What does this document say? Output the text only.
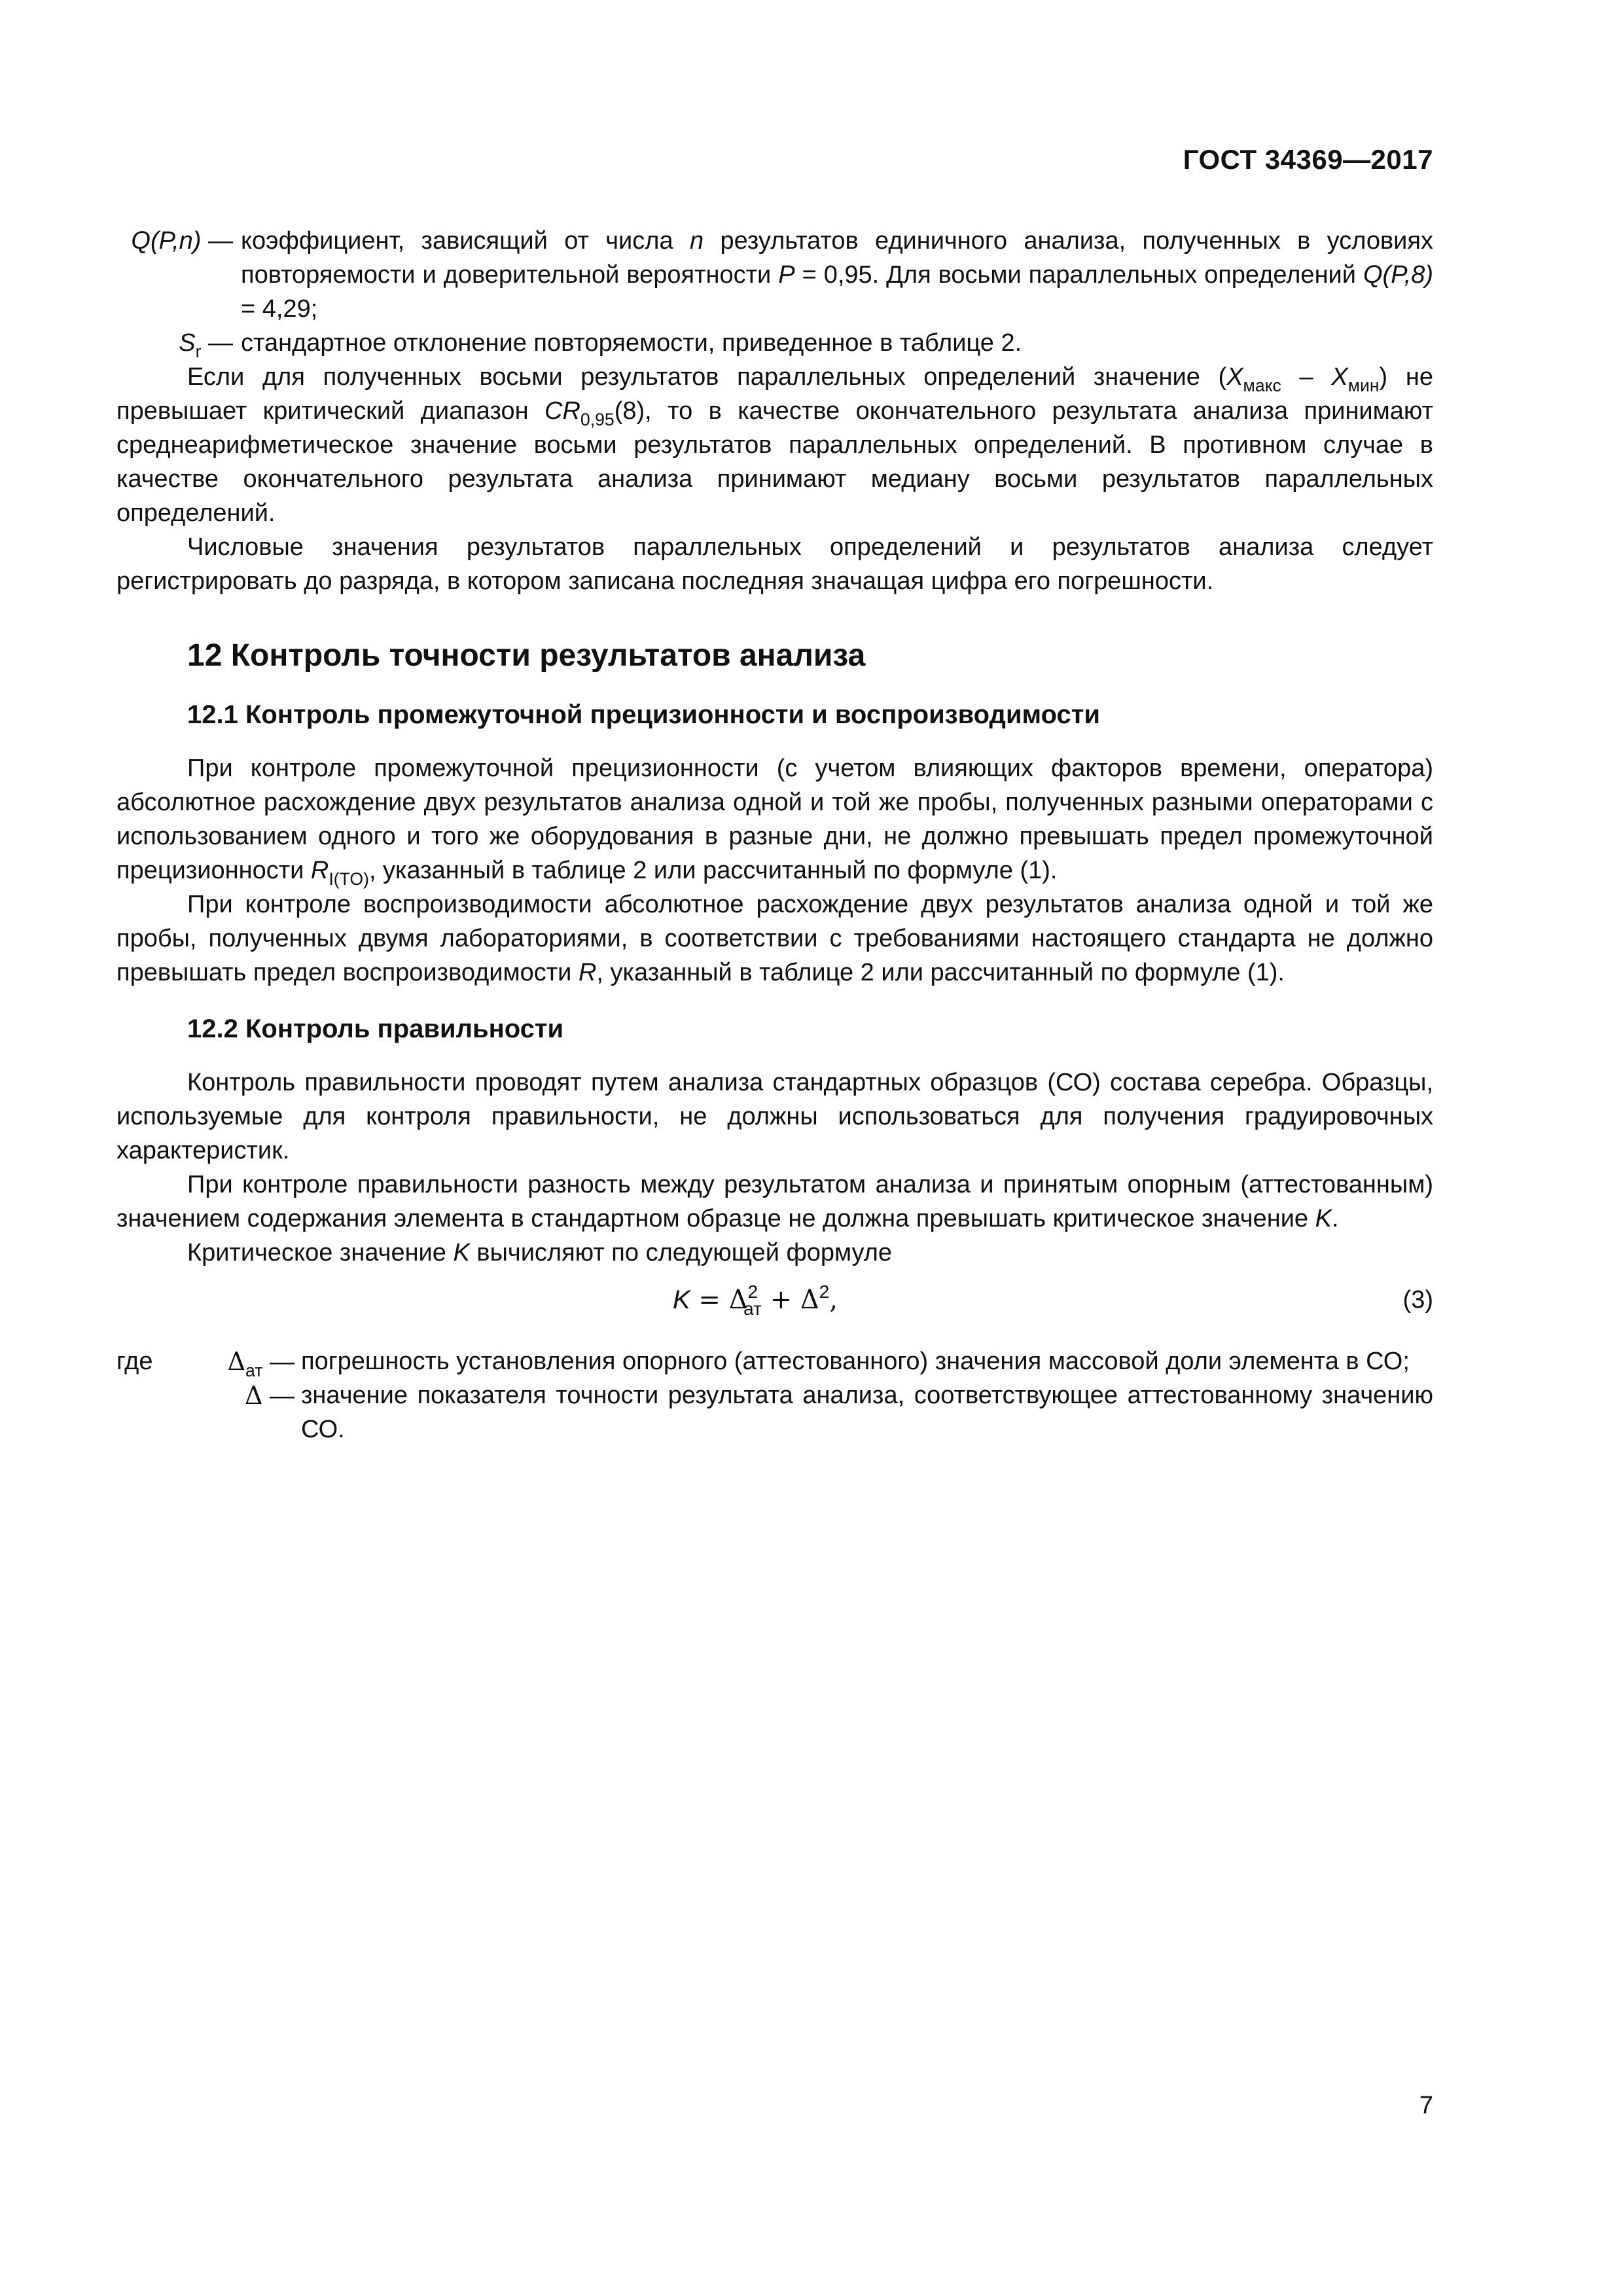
ГОСТ 34369—2017

Q(P,n) — коэффициент, зависящий от числа n результатов единичного анализа, полученных в условиях повторяемости и доверительной вероятности P = 0,95. Для восьми параллельных определений Q(P,8) = 4,29;

$S_r$ — стандартное отклонение повторяемости, приведенное в таблице 2.

Если для полученных восьми результатов параллельных определений значение $(X_{макс} - X_{мин})$ не превышает критический диапазон $CR_{0,95}(8)$, то в качестве окончательного результата анализа принимают среднеарифметическое значение восьми результатов параллельных определений. В противном случае в качестве окончательного результата анализа принимают медиану восьми результатов параллельных определений.

Числовые значения результатов параллельных определений и результатов анализа следует регистрировать до разряда, в котором записана последняя значащая цифра его погрешности.

12 Контроль точности результатов анализа
12.1 Контроль промежуточной прецизионности и воспроизводимости

При контроле промежуточной прецизионности (с учетом влияющих факторов времени, оператора) абсолютное расхождение двух результатов анализа одной и той же пробы, полученных разными операторами с использованием одного и того же оборудования в разные дни, не должно превышать предел промежуточной прецизионности $R_{I(TO)}$, указанный в таблице 2 или рассчитанный по формуле (1).

При контроле воспроизводимости абсолютное расхождение двух результатов анализа одной и той же пробы, полученных двумя лабораториями, в соответствии с требованиями настоящего стандарта не должно превышать предел воспроизводимости R, указанный в таблице 2 или рассчитанный по формуле (1).

12.2 Контроль правильности

Контроль правильности проводят путем анализа стандартных образцов (СО) состава серебра. Образцы, используемые для контроля правильности, не должны использоваться для получения градуировочных характеристик.

При контроле правильности разность между результатом анализа и принятым опорным (аттестованным) значением содержания элемента в стандартном образце не должна превышать критическое значение K.

Критическое значение K вычисляют по следующей формуле

$K = \Delta^2_{ат} + \Delta^2$,	(3)

где	$\Delta_{ат}$ — погрешность установления опорного (аттестованного) значения массовой доли элемента в СО;

Δ — значение показателя точности результата анализа, соответствующее аттестованному значению СО.

7
